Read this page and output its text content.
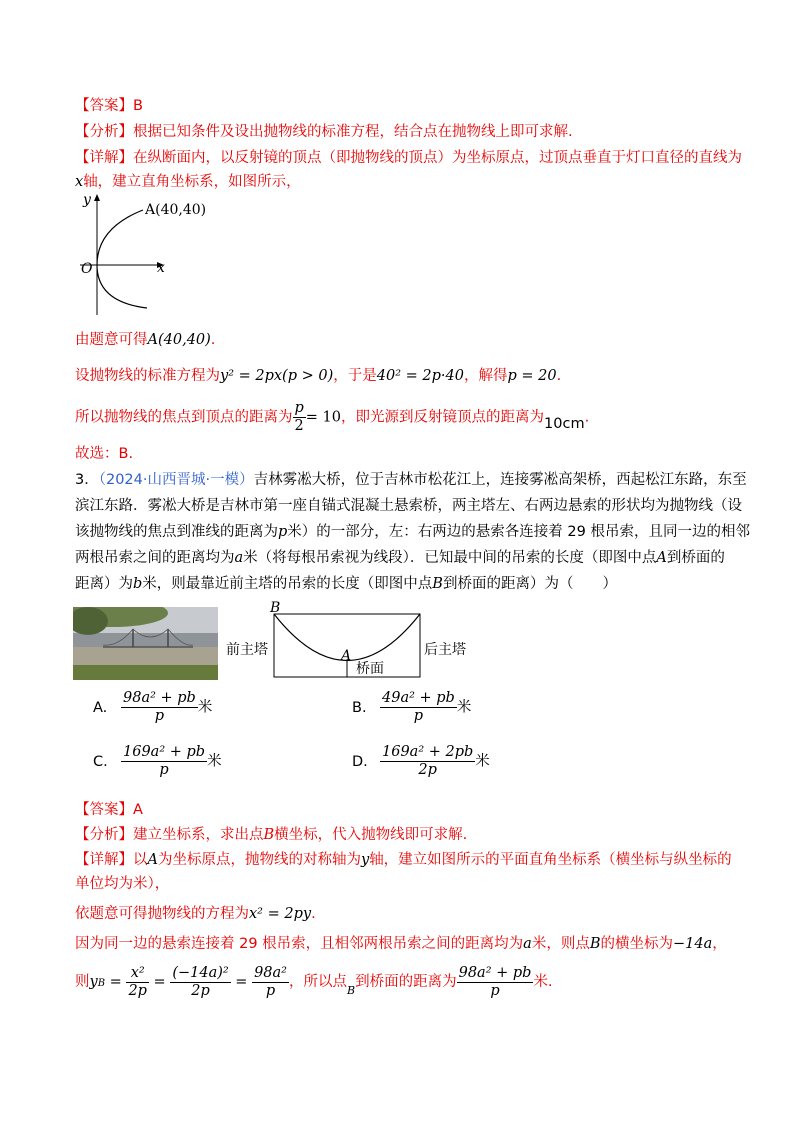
【答案】B
【分析】根据已知条件及设出抛物线的标准方程，结合点在抛物线上即可求解.
【详解】在纵断面内，以反射镜的顶点（即抛物线的顶点）为坐标原点，过顶点垂直于灯口直径的直线为
x轴，建立直角坐标系，如图所示，
y
x
O
A(40,40)
由题意可得A(40,40).
设抛物线的标准方程为y² = 2px(p > 0)，于是40² = 2p·40，解得p = 20.
所以抛物线的焦点到顶点的距离为 $\frac{p}{2} = 10$，即光源到反射镜顶点的距离为10cm.
故选：B.
3．（2024·山西晋城·一模）吉林雾凇大桥，位于吉林市松花江上，连接雾凇高架桥，西起松江东路，东至
滨江东路．雾凇大桥是吉林市第一座自锚式混凝土悬索桥，两主塔左、右两边悬索的形状均为抛物线（设
该抛物线的焦点到准线的距离为p米）的一部分，左：右两边的悬索各连接着 29 根吊索，且同一边的相邻
两根吊索之间的距离均为a米（将每根吊索视为线段）．已知最中间的吊索的长度（即图中点A到桥面的
距离）为b米，则最靠近前主塔的吊索的长度（即图中点B到桥面的距离）为（　　）
B
A
前主塔	后主塔
桥面
A. $\frac{\text{98a² + pb}}{p}$ 米	B. $\frac{\text{49a² + pb}}{p}$ 米
C. $\frac{\text{169a² + pb}}{p}$ 米	D. $\frac{\text{169a² + 2pb}}{2p}$ 米
【答案】A
【分析】建立坐标系，求出点B横坐标，代入抛物线即可求解.
【详解】以A为坐标原点，抛物线的对称轴为y轴，建立如图所示的平面直角坐标系（横坐标与纵坐标的
单位均为米），
依题意可得抛物线的方程为x² = 2py.
因为同一边的悬索连接着 29 根吊索，且相邻两根吊索之间的距离均为a米，则点B的横坐标为−14a，
则yB = $\frac{\text{x²}}{2p} = \frac{\text{(−14a)²}}{2p} = \frac{\text{98a²}}{p}$ ，所以点$_B$到桥面的距离为 $\frac{\text{98a² + pb}}{p}$ 米.
